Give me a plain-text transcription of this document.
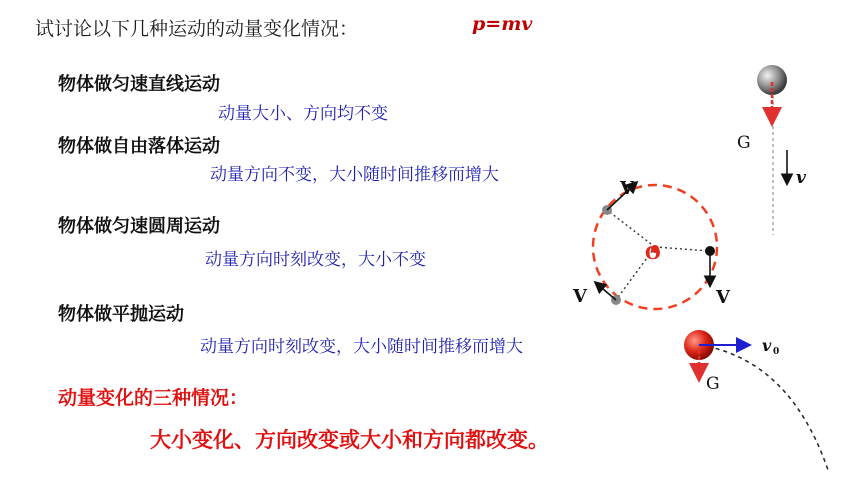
试讨论以下几种运动的动量变化情况：	p=mv
物体做匀速直线运动
动量大小、方向均不变
物体做自由落体运动
动量方向不变，大小随时间推移而增大
物体做匀速圆周运动
动量方向时刻改变，大小不变
物体做平抛运动
动量方向时刻改变，大小随时间推移而增大
动量变化的三种情况：
大小变化、方向改变或大小和方向都改变。
G
v
O
V
V	V
v 0
G
